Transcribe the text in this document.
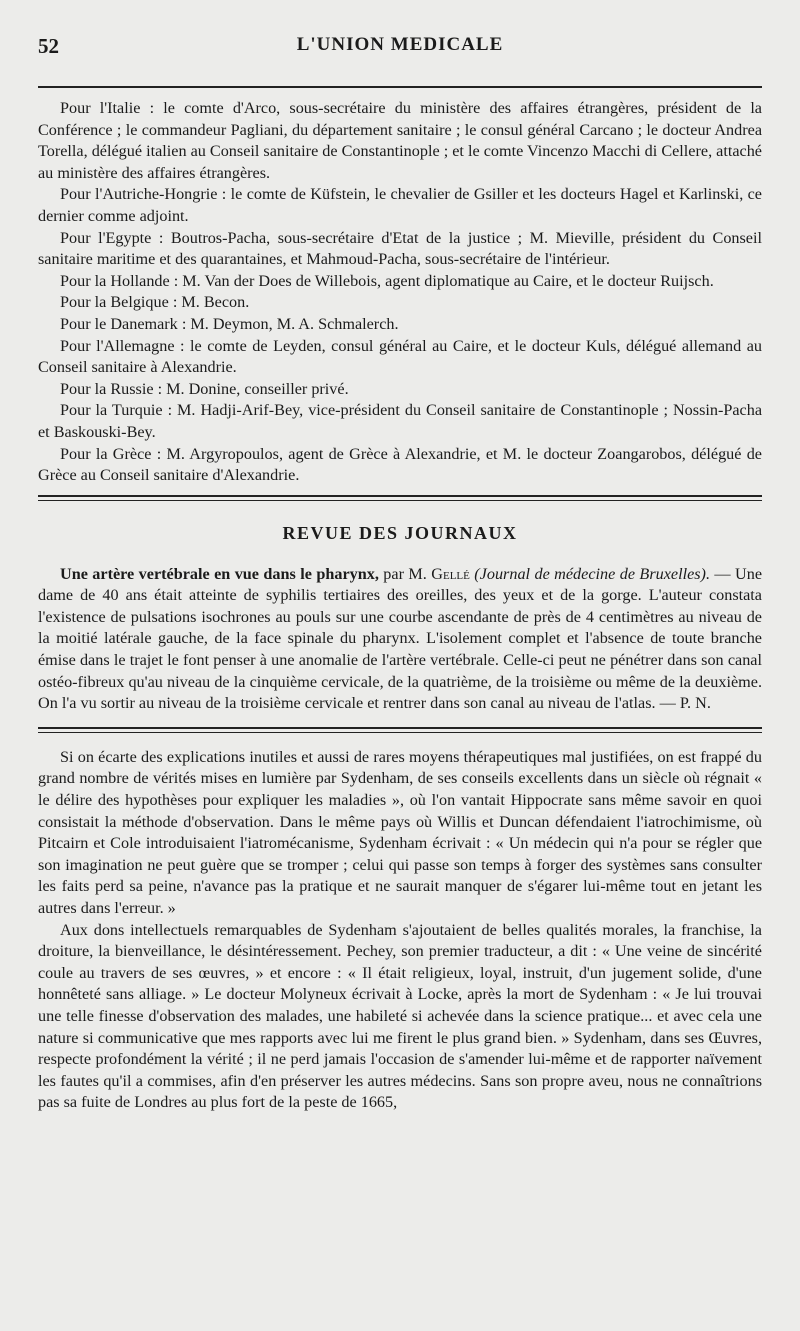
52	L'UNION MEDICALE

Pour l'Italie : le comte d'Arco, sous-secrétaire du ministère des affaires étrangères, président de la Conférence ; le commandeur Pagliani, du département sanitaire ; le consul général Carcano ; le docteur Andrea Torella, délégué italien au Conseil sanitaire de Constantinople ; et le comte Vincenzo Macchi di Cellere, attaché au ministère des affaires étrangères.

Pour l'Autriche-Hongrie : le comte de Küfstein, le chevalier de Gsiller et les docteurs Hagel et Karlinski, ce dernier comme adjoint.

Pour l'Egypte : Boutros-Pacha, sous-secrétaire d'Etat de la justice ; M. Mieville, président du Conseil sanitaire maritime et des quarantaines, et Mahmoud-Pacha, sous-secrétaire de l'intérieur.

Pour la Hollande : M. Van der Does de Willebois, agent diplomatique au Caire, et le docteur Ruijsch.

Pour la Belgique : M. Becon.

Pour le Danemark : M. Deymon, M. A. Schmalerch.

Pour l'Allemagne : le comte de Leyden, consul général au Caire, et le docteur Kuls, délégué allemand au Conseil sanitaire à Alexandrie.

Pour la Russie : M. Donine, conseiller privé.

Pour la Turquie : M. Hadji-Arif-Bey, vice-président du Conseil sanitaire de Constantinople ; Nossin-Pacha et Baskouski-Bey.

Pour la Grèce : M. Argyropoulos, agent de Grèce à Alexandrie, et M. le docteur Zoangarobos, délégué de Grèce au Conseil sanitaire d'Alexandrie.

REVUE DES JOURNAUX

Une artère vertébrale en vue dans le pharynx, par M. Gellé (Journal de médecine de Bruxelles). — Une dame de 40 ans était atteinte de syphilis tertiaires des oreilles, des yeux et de la gorge. L'auteur constata l'existence de pulsations isochrones au pouls sur une courbe ascendante de près de 4 centimètres au niveau de la moitié latérale gauche, de la face spinale du pharynx. L'isolement complet et l'absence de toute branche émise dans le trajet le font penser à une anomalie de l'artère vertébrale. Celle-ci peut ne pénétrer dans son canal ostéo-fibreux qu'au niveau de la cinquième cervicale, de la quatrième, de la troisième ou même de la deuxième. On l'a vu sortir au niveau de la troisième cervicale et rentrer dans son canal au niveau de l'atlas. — P. N.

Si on écarte des explications inutiles et aussi de rares moyens thérapeutiques mal justifiées, on est frappé du grand nombre de vérités mises en lumière par Sydenham, de ses conseils excellents dans un siècle où régnait « le délire des hypothèses pour expliquer les maladies », où l'on vantait Hippocrate sans même savoir en quoi consistait la méthode d'observation. Dans le même pays où Willis et Duncan défendaient l'iatrochimisme, où Pitcairn et Cole introduisaient l'iatromécanisme, Sydenham écrivait : « Un médecin qui n'a pour se régler que son imagination ne peut guère que se tromper ; celui qui passe son temps à forger des systèmes sans consulter les faits perd sa peine, n'avance pas la pratique et ne saurait manquer de s'égarer lui-même tout en jetant les autres dans l'erreur. »

Aux dons intellectuels remarquables de Sydenham s'ajoutaient de belles qualités morales, la franchise, la droiture, la bienveillance, le désintéressement. Pechey, son premier traducteur, a dit : « Une veine de sincérité coule au travers de ses œuvres, » et encore : « Il était religieux, loyal, instruit, d'un jugement solide, d'une honnêteté sans alliage. » Le docteur Molyneux écrivait à Locke, après la mort de Sydenham : « Je lui trouvai une telle finesse d'observation des malades, une habileté si achevée dans la science pratique... et avec cela une nature si communicative que mes rapports avec lui me firent le plus grand bien. » Sydenham, dans ses Œuvres, respecte profondément la vérité ; il ne perd jamais l'occasion de s'amender lui-même et de rapporter naïvement les fautes qu'il a commises, afin d'en préserver les autres médecins. Sans son propre aveu, nous ne connaîtrions pas sa fuite de Londres au plus fort de la peste de 1665,
